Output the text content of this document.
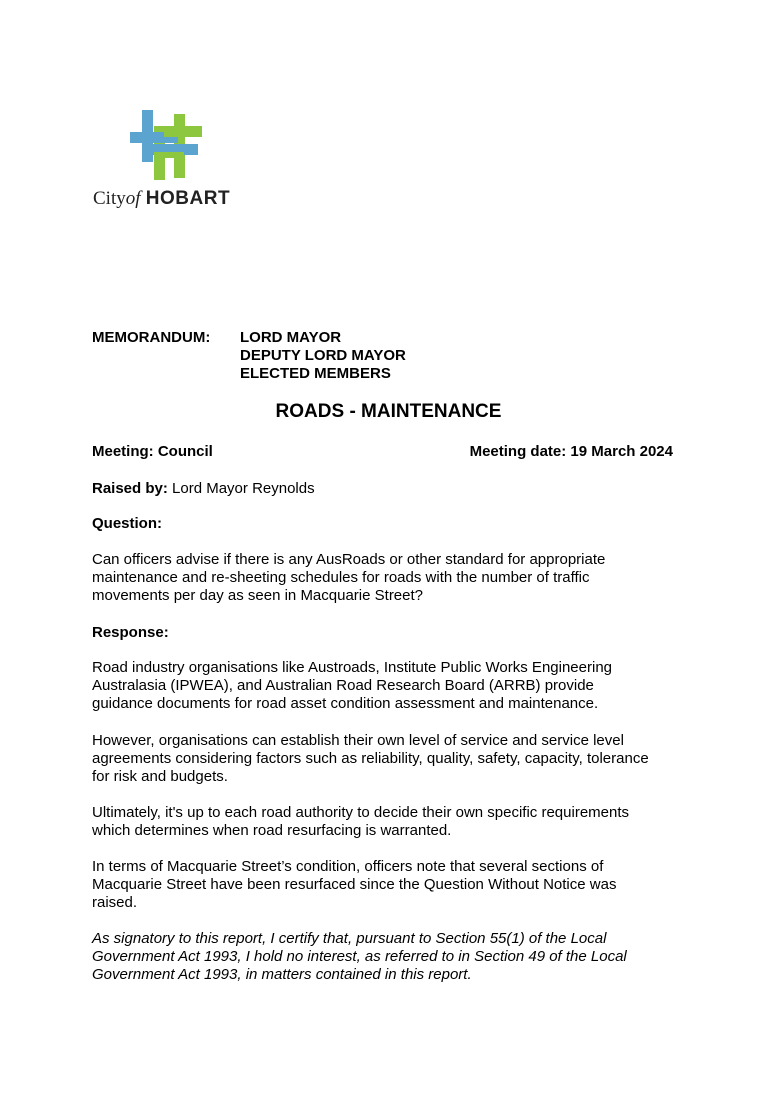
Cityof HOBART
MEMORANDUM: LORD MAYOR
DEPUTY LORD MAYOR
ELECTED MEMBERS
ROADS - MAINTENANCE
Meeting: Council	Meeting date: 19 March 2024
Raised by: Lord Mayor Reynolds
Question:
Can officers advise if there is any AusRoads or other standard for appropriate
maintenance and re-sheeting schedules for roads with the number of traffic
movements per day as seen in Macquarie Street?
Response:
Road industry organisations like Austroads, Institute Public Works Engineering
Australasia (IPWEA), and Australian Road Research Board (ARRB) provide
guidance documents for road asset condition assessment and maintenance.
However, organisations can establish their own level of service and service level
agreements considering factors such as reliability, quality, safety, capacity, tolerance
for risk and budgets.
Ultimately, it's up to each road authority to decide their own specific requirements
which determines when road resurfacing is warranted.
In terms of Macquarie Street’s condition, officers note that several sections of
Macquarie Street have been resurfaced since the Question Without Notice was
raised.
As signatory to this report, I certify that, pursuant to Section 55(1) of the Local
Government Act 1993, I hold no interest, as referred to in Section 49 of the Local
Government Act 1993, in matters contained in this report.
